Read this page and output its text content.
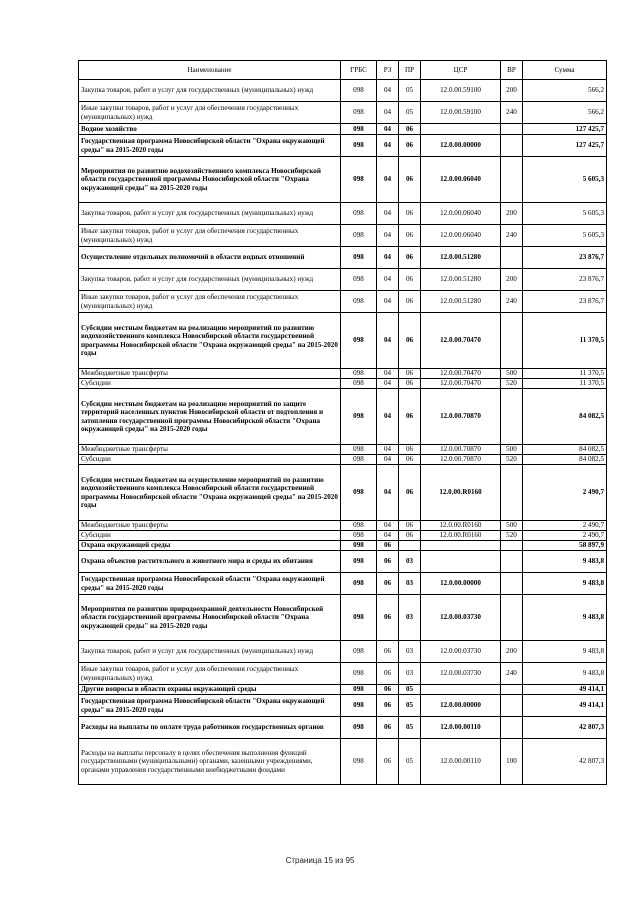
Наименование	ГРБС	РЗ	ПР	ЦСР	ВР	Сумма
Закупка товаров, работ и услуг для государственных (муниципальных) нужд	098	04	05	12.0.00.59100	200	566,2
Иные закупки товаров, работ и услуг для обеспечения государственных (муниципальных) нужд	098	04	05	12.0.00.59100	240	566,2
Водное хозяйство	098	04	06			127 425,7
Государственная программа Новосибирской области "Охрана окружающей среды" на 2015-2020 годы	098	04	06	12.0.00.00000		127 425,7
Мероприятия по развитию водохозяйственного комплекса Новосибирской области государственной программы Новосибирской области "Охрана окружающей среды" на 2015-2020 годы	098	04	06	12.0.00.06040		5 605,3
Закупка товаров, работ и услуг для государственных (муниципальных) нужд	098	04	06	12.0.00.06040	200	5 605,3
Иные закупки товаров, работ и услуг для обеспечения государственных (муниципальных) нужд	098	04	06	12.0.00.06040	240	5 605,3
Осуществление отдельных полномочий в области водных отношений	098	04	06	12.0.00.51280		23 876,7
Закупка товаров, работ и услуг для государственных (муниципальных) нужд	098	04	06	12.0.00.51280	200	23 876,7
Иные закупки товаров, работ и услуг для обеспечения государственных (муниципальных) нужд	098	04	06	12.0.00.51280	240	23 876,7
Субсидии местным бюджетам на реализацию мероприятий по развитию водохозяйственного комплекса Новосибирской области государственной программы Новосибирской области "Охрана окружающей среды" на 2015-2020 годы	098	04	06	12.0.00.70470		11 370,5
Межбюджетные трансферты	098	04	06	12.0.00.70470	500	11 370,5
Субсидии	098	04	06	12.0.00.70470	520	11 370,5
Субсидии местным бюджетам на реализацию мероприятий по защите территорий населенных пунктов Новосибирской области от подтопления и затопления государственной программы Новосибирской области "Охрана окружающей среды" на 2015-2020 годы	098	04	06	12.0.00.70870		84 082,5
Межбюджетные трансферты	098	04	06	12.0.00.70870	500	84 082,5
Субсидии	098	04	06	12.0.00.70870	520	84 082,5
Субсидии местным бюджетам на осуществление мероприятий по развитию водохозяйственного комплекса Новосибирской области государственной программы Новосибирской области "Охрана окружающей среды" на 2015-2020 годы	098	04	06	12.0.00.R0160		2 490,7
Межбюджетные трансферты	098	04	06	12.0.00.R0160	500	2 490,7
Субсидии	098	04	06	12.0.00.R0160	520	2 490,7
Охрана окружающей среды	098	06				58 897,9
Охрана объектов растительного и животного мира и среды их обитания	098	06	03			9 483,8
Государственная программа Новосибирской области "Охрана окружающей среды" на 2015-2020 годы	098	06	03	12.0.00.00000		9 483,8
Мероприятия по развитию природоохранной деятельности Новосибирской области государственной программы Новосибирской области "Охрана окружающей среды" на 2015-2020 годы	098	06	03	12.0.00.03730		9 483,8
Закупка товаров, работ и услуг для государственных (муниципальных) нужд	098	06	03	12.0.00.03730	200	9 483,8
Иные закупки товаров, работ и услуг для обеспечения государственных (муниципальных) нужд	098	06	03	12.0.00.03730	240	9 483,8
Другие вопросы в области охраны окружающей среды	098	06	05			49 414,1
Государственная программа Новосибирской области "Охрана окружающей среды" на 2015-2020 годы	098	06	05	12.0.00.00000		49 414,1
Расходы на выплаты по оплате труда работников государственных органов	098	06	05	12.0.00.00110		42 807,3
Расходы на выплаты персоналу в целях обеспечения выполнения функций государственными (муниципальными) органами, казенными учреждениями, органами управления государственными внебюджетными фондами	098	06	05	12.0.00.00110	100	42 807,3
Страница 15 из 95
